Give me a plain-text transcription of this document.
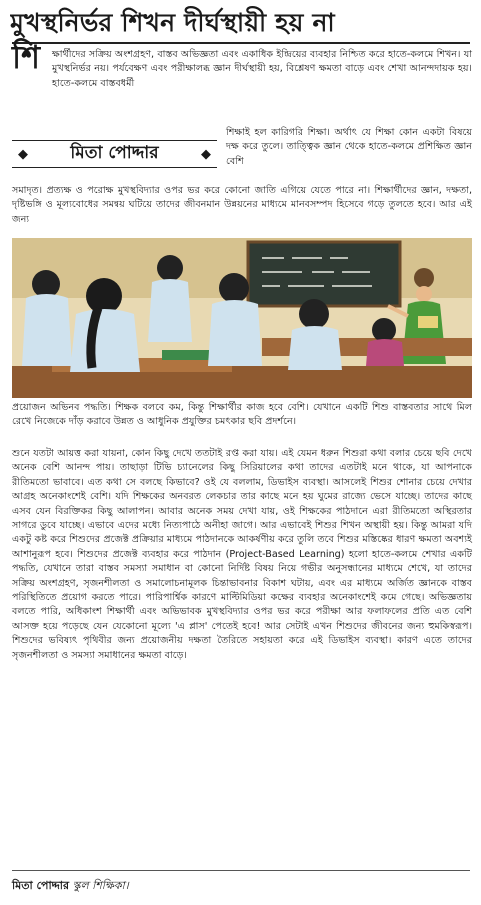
মুখস্থনির্ভর শিখন দীর্ঘস্থায়ী হয় না
শি ক্ষার্থীদের সক্রিয় অংশগ্রহণ, বাস্তব অভিজ্ঞতা এবং একাধিক ইন্দ্রিয়ের ব্যবহার নিশ্চিত করে হাতে-কলমে শিখন। যা মুখস্থনির্ভর নয়। পর্যবেক্ষণ এবং পরীক্ষালব্ধ জ্ঞান দীর্ঘস্থায়ী হয়, বিশ্লেষণ ক্ষমতা বাড়ে এবং শেখা আনন্দদায়ক হয়। হাতে-কলমে বাস্তবধর্মী

◆ মিতা পোদ্দার	◆

শিক্ষাই হল কারিগরি শিক্ষা। অর্থাৎ যে শিক্ষা কোন একটা বিষয়ে দক্ষ করে তুলে। তাত্ত্বিক জ্ঞান থেকে হাতে-কলমে প্রশিক্ষিত জ্ঞান বেশি

সমাদৃত। প্রত্যক্ষ ও পরোক্ষ মুখস্থবিদ্যার ওপর ভর করে কোনো জাতি এগিয়ে যেতে পারে না। শিক্ষার্থীদের জ্ঞান, দক্ষতা, দৃষ্টিভঙ্গি ও মূল্যবোধের সমন্বয় ঘটিয়ে তাদের জীবনমান উন্নয়নের মাধ্যমে মানবসম্পদ হিসেবে গড়ে তুলতে হবে। আর এই জন্য

প্রয়োজন অভিনব পদ্ধতি। শিক্ষক বলবে কম, কিন্তু শিক্ষার্থীর কাজ হবে বেশি। যেখানে একটি শিশু বাস্তবতার সাথে মিল রেখে নিজেকে দাঁড় করাবে উন্নত ও আধুনিক প্রযুক্তির চমৎকার ছবি প্রদর্শনে।

শুনে যতটা আয়ত্ত করা যায়না, কোন কিছু দেখে ততটাই রপ্ত করা যায়। এই যেমন ধরুন শিশুরা কথা বলার চেয়ে ছবি দেখে অনেক বেশি আনন্দ পায়। তাছাড়া টিভি চ্যানেলের কিছু সিরিয়ালের কথা তাদের এতটাই মনে থাকে, যা আপনাকে রীতিমতো ভাবাবে। এত কথা সে বলছে কিভাবে? ওই যে বললাম, ডিভাইস ব্যবস্থা। আসলেই শিশুর শোনার চেয়ে দেখার আগ্রহ অনেকাংশেই বেশি। যদি শিক্ষকের অনবরত লেকচার তার কাছে মনে হয় ঘুমের রাজ্যে ভেসে যাচ্ছে। তাদের কাছে এসব যেন বিরক্তিকর কিছু আলাপন। আবার অনেক সময় দেখা যায়, ওই শিক্ষকের পাঠদানে এরা রীতিমতো অস্থিরতার সাগরে ডুবে যাচ্ছে। এভাবে এদের মধ্যে নিত্যপাঠে অনীহা জাগে। আর এভাবেই শিশুর শিখন অস্থায়ী হয়। কিন্তু আমরা যদি একটু কষ্ট করে শিশুদের প্রজেক্ট প্রক্রিয়ার মাধ্যমে পাঠদানকে আকর্ষণীয় করে তুলি তবে শিশুর মস্তিষ্কের ধারণ ক্ষমতা অবশ্যই আশানুরূপ হবে। শিশুদের প্রজেক্ট ব্যবহার করে পাঠদান (Project-Based Learning) হলো হাতে-কলমে শেখার একটি পদ্ধতি, যেখানে তারা বাস্তব সমস্যা সমাধান বা কোনো নির্দিষ্ট বিষয় নিয়ে গভীর অনুসন্ধানের মাধ্যমে শেখে, যা তাদের সক্রিয় অংশগ্রহণ, সৃজনশীলতা ও সমালোচনামূলক চিন্তাভাবনার বিকাশ ঘটায়, এবং এর মাধ্যমে অর্জিত জ্ঞানকে বাস্তব পরিস্থিতিতে প্রয়োগ করতে পারে। পারিপার্শ্বিক কারণে মাল্টিমিডিয়া কক্ষের ব্যবহার অনেকাংশেই কমে গেছে। অভিজ্ঞতায় বলতে পারি, অধিকাংশ শিক্ষার্থী এবং অভিভাবক মুখস্থবিদ্যার ওপর ভর করে পরীক্ষা আর ফলাফলের প্রতি এত বেশি আসক্ত হয়ে পড়েছে যেন যেকোনো মূল্যে 'এ প্লাস' পেতেই হবে! আর সেটাই এখন শিশুদের জীবনের জন্য হুমকিস্বরূপ। শিশুদের ভবিষ্যৎ পৃথিবীর জন্য প্রয়োজনীয় দক্ষতা তৈরিতে সহায়তা করে এই ডিভাইস ব্যবস্থা। কারণ এতে তাদের সৃজনশীলতা ও সমস্যা সমাধানের ক্ষমতা বাড়ে।

মিতা পোদ্দার স্কুল শিক্ষিকা।
